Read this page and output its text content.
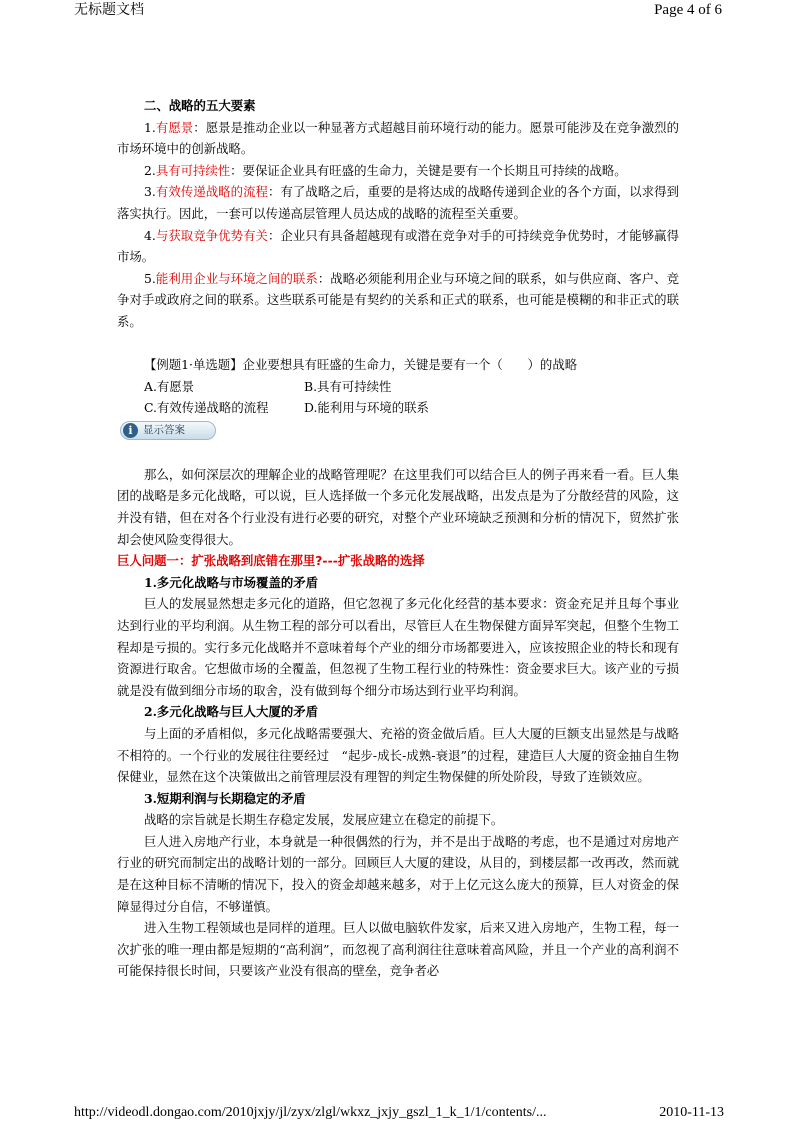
无标题文档	Page 4 of 6

二、战略的五大要素

1.有愿景：愿景是推动企业以一种显著方式超越目前环境行动的能力。愿景可能涉及在竞争激烈的市场环境中的创新战略。

2.具有可持续性：要保证企业具有旺盛的生命力，关键是要有一个长期且可持续的战略。

3.有效传递战略的流程：有了战略之后，重要的是将达成的战略传递到企业的各个方面，以求得到落实执行。因此，一套可以传递高层管理人员达成的战略的流程至关重要。

4.与获取竞争优势有关：企业只有具备超越现有或潜在竞争对手的可持续竞争优势时，才能够赢得市场。

5.能利用企业与环境之间的联系：战略必须能利用企业与环境之间的联系，如与供应商、客户、竞争对手或政府之间的联系。这些联系可能是有契约的关系和正式的联系，也可能是模糊的和非正式的联系。

【例题1·单选题】企业要想具有旺盛的生命力，关键是要有一个（　　）的战略

A.有愿景	B.具有可持续性
C.有效传递战略的流程	D.能利用与环境的联系
i 显示答案

那么，如何深层次的理解企业的战略管理呢？在这里我们可以结合巨人的例子再来看一看。巨人集团的战略是多元化战略，可以说，巨人选择做一个多元化发展战略，出发点是为了分散经营的风险，这并没有错，但在对各个行业没有进行必要的研究，对整个产业环境缺乏预测和分析的情况下，贸然扩张却会使风险变得很大。

巨人问题一：扩张战略到底错在那里?---扩张战略的选择

1.多元化战略与市场覆盖的矛盾

巨人的发展显然想走多元化的道路，但它忽视了多元化化经营的基本要求：资金充足并且每个事业达到行业的平均利润。从生物工程的部分可以看出，尽管巨人在生物保健方面异军突起，但整个生物工程却是亏损的。实行多元化战略并不意味着每个产业的细分市场都要进入，应该按照企业的特长和现有资源进行取舍。它想做市场的全覆盖，但忽视了生物工程行业的特殊性：资金要求巨大。该产业的亏损就是没有做到细分市场的取舍，没有做到每个细分市场达到行业平均利润。

2.多元化战略与巨人大厦的矛盾

与上面的矛盾相似，多元化战略需要强大、充裕的资金做后盾。巨人大厦的巨额支出显然是与战略不相符的。一个行业的发展往往要经过　“起步-成长-成熟-衰退”的过程，建造巨人大厦的资金抽自生物保健业，显然在这个决策做出之前管理层没有理智的判定生物保健的所处阶段，导致了连锁效应。

3.短期利润与长期稳定的矛盾

战略的宗旨就是长期生存稳定发展，发展应建立在稳定的前提下。

巨人进入房地产行业，本身就是一种很偶然的行为，并不是出于战略的考虑，也不是通过对房地产行业的研究而制定出的战略计划的一部分。回顾巨人大厦的建设，从目的，到楼层都一改再改，然而就是在这种目标不清晰的情况下，投入的资金却越来越多，对于上亿元这么庞大的预算，巨人对资金的保障显得过分自信，不够谨慎。

进入生物工程领域也是同样的道理。巨人以做电脑软件发家，后来又进入房地产，生物工程，每一次扩张的唯一理由都是短期的“高利润”，而忽视了高利润往往意味着高风险，并且一个产业的高利润不可能保持很长时间，只要该产业没有很高的壁垒，竞争者必

http://videodl.dongao.com/2010jxjy/jl/zyx/zlgl/wkxz_jxjy_gszl_1_k_1/1/contents/...	2010-11-13
